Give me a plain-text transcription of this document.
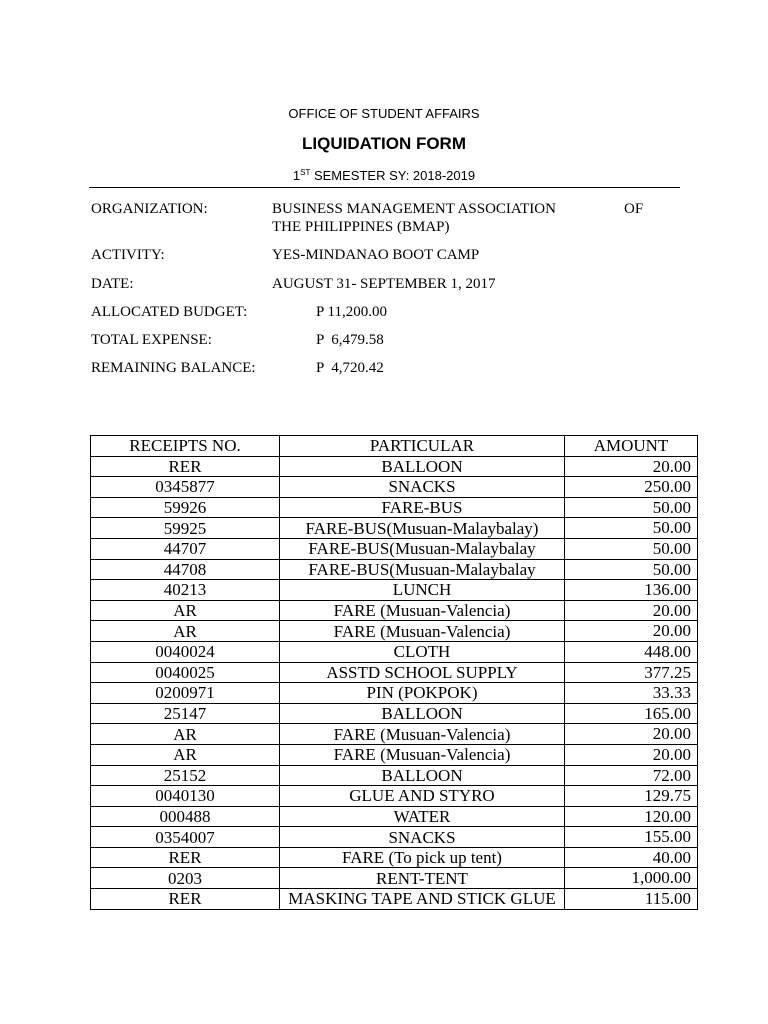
OFFICE OF STUDENT AFFAIRS
LIQUIDATION FORM
1ST SEMESTER SY: 2018-2019
ORGANIZATION:	BUSINESS MANAGEMENT ASSOCIATION	OF
THE PHILIPPINES (BMAP)
ACTIVITY:	YES-MINDANAO BOOT CAMP
DATE:	AUGUST 31- SEPTEMBER 1, 2017
ALLOCATED BUDGET:	P 11,200.00
TOTAL EXPENSE:	P  6,479.58
REMAINING BALANCE:	P  4,720.42
RECEIPTS NO.	PARTICULAR	AMOUNT
RER	BALLOON	20.00
0345877	SNACKS	250.00
59926	FARE-BUS	50.00
59925	FARE-BUS(Musuan-Malaybalay)	50.00
44707	FARE-BUS(Musuan-Malaybalay	50.00
44708	FARE-BUS(Musuan-Malaybalay	50.00
40213	LUNCH	136.00
AR	FARE (Musuan-Valencia)	20.00
AR	FARE (Musuan-Valencia)	20.00
0040024	CLOTH	448.00
0040025	ASSTD SCHOOL SUPPLY	377.25
0200971	PIN (POKPOK)	33.33
25147	BALLOON	165.00
AR	FARE (Musuan-Valencia)	20.00
AR	FARE (Musuan-Valencia)	20.00
25152	BALLOON	72.00
0040130	GLUE AND STYRO	129.75
000488	WATER	120.00
0354007	SNACKS	155.00
RER	FARE (To pick up tent)	40.00
0203	RENT-TENT	1,000.00
RER	MASKING TAPE AND STICK GLUE	115.00
